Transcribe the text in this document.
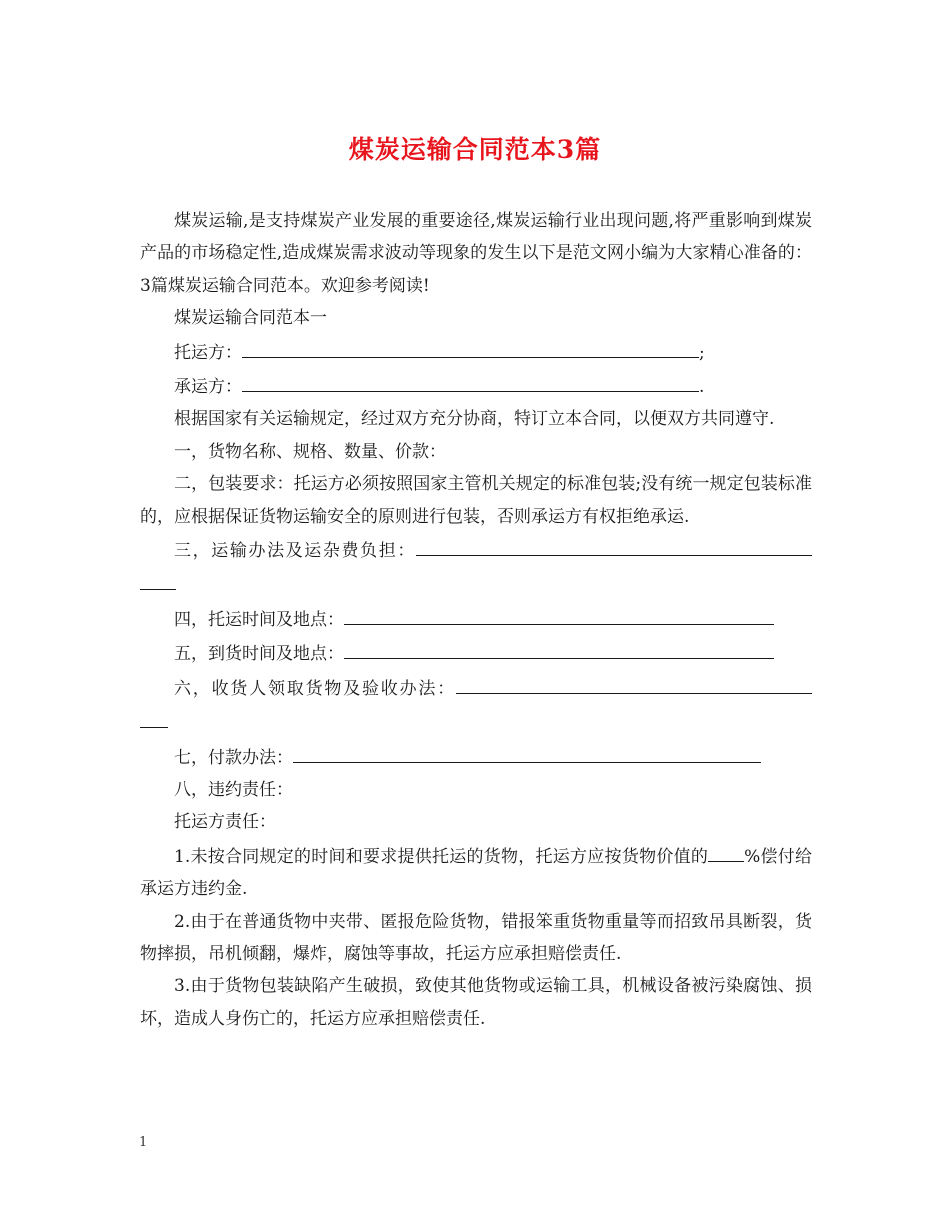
煤炭运输合同范本3篇

煤炭运输,是支持煤炭产业发展的重要途径,煤炭运输行业出现问题,将严重影响到煤炭产品的市场稳定性,造成煤炭需求波动等现象的发生以下是范文网小编为大家精心准备的：3篇煤炭运输合同范本。欢迎参考阅读!

煤炭运输合同范本一

托运方：	;

承运方：	.

根据国家有关运输规定，经过双方充分协商，特订立本合同，以便双方共同遵守.

一，货物名称、规格、数量、价款：

二，包装要求：托运方必须按照国家主管机关规定的标准包装;没有统一规定包装标准的，应根据保证货物运输安全的原则进行包装，否则承运方有权拒绝承运.

三，运输办法及运杂费负担：

四，托运时间及地点：

五，到货时间及地点：

六，收货人领取货物及验收办法：

七，付款办法：

八，违约责任：

托运方责任：

1.未按合同规定的时间和要求提供托运的货物，托运方应按货物价值的 %偿付给承运方违约金.

2.由于在普通货物中夹带、匿报危险货物，错报笨重货物重量等而招致吊具断裂，货物摔损，吊机倾翻，爆炸，腐蚀等事故，托运方应承担赔偿责任.

3.由于货物包装缺陷产生破损，致使其他货物或运输工具，机械设备被污染腐蚀、损坏，造成人身伤亡的，托运方应承担赔偿责任.

1
